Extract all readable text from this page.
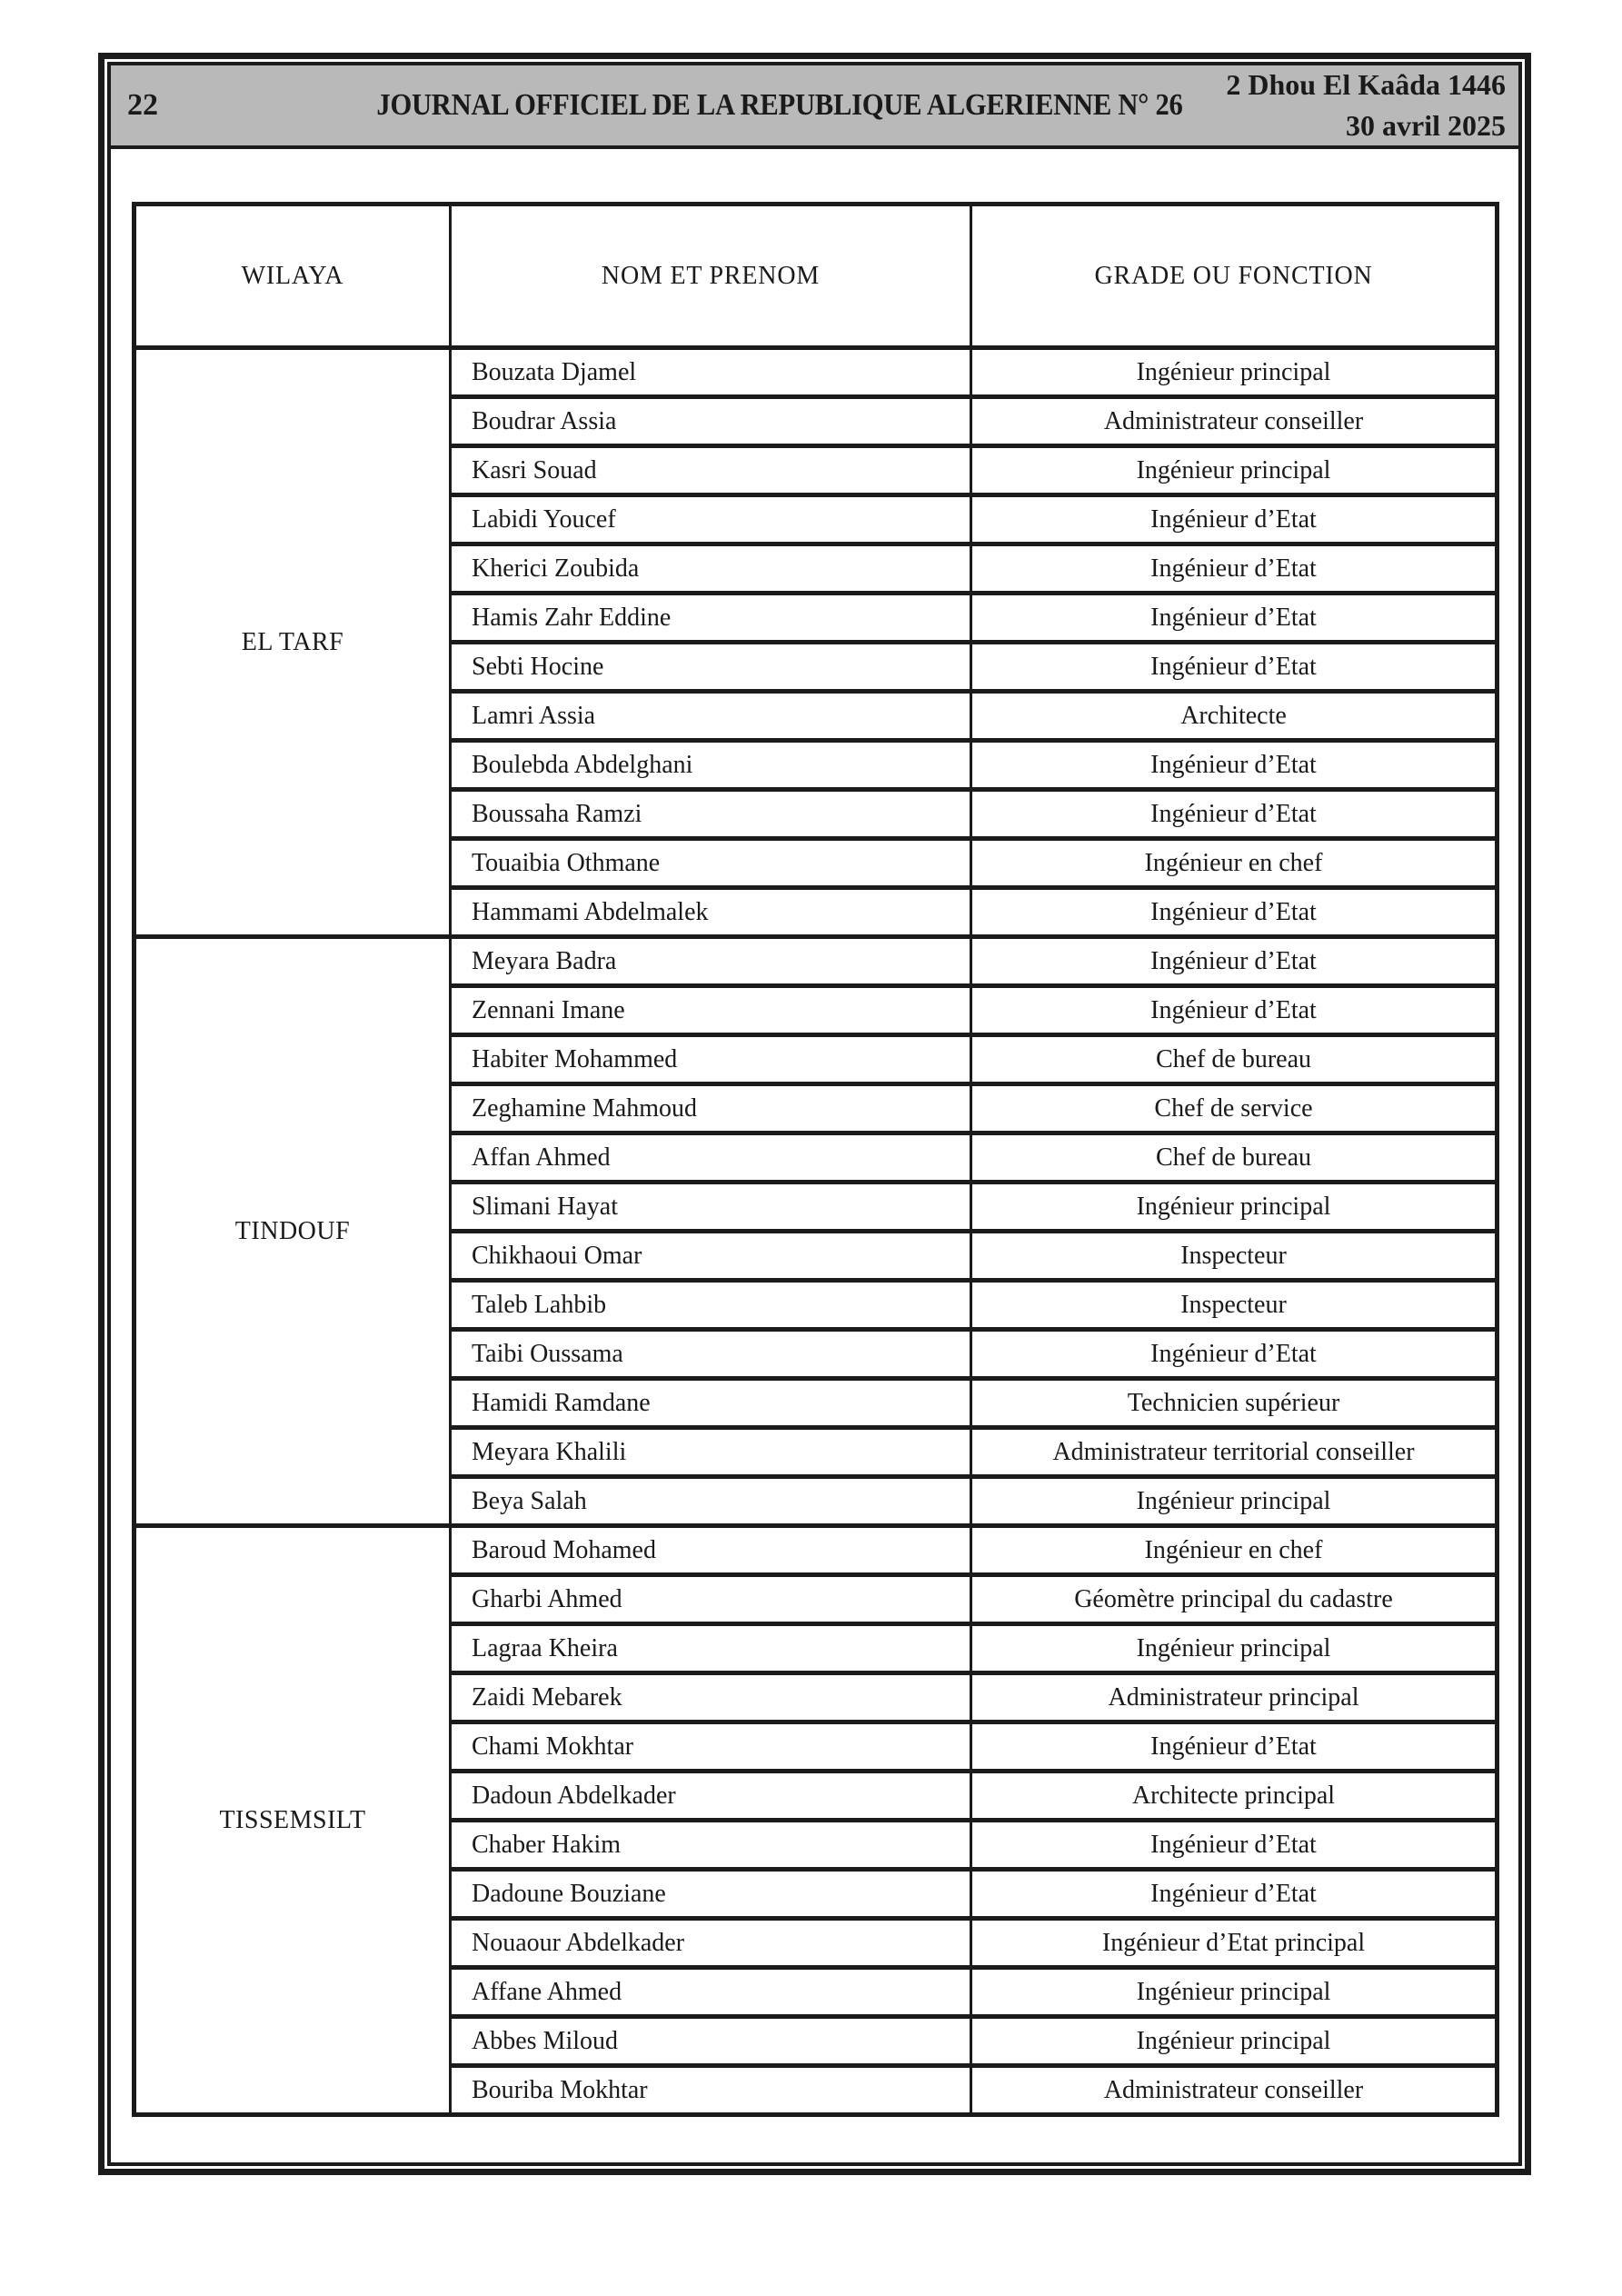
22	JOURNAL OFFICIEL DE LA REPUBLIQUE ALGERIENNE N° 26
2 Dhou El Kaâda 1446
30 avril 2025
WILAYA	NOM ET PRENOM	GRADE OU FONCTION
EL TARF	Bouzata Djamel	Ingénieur principal
	Boudrar Assia	Administrateur conseiller
	Kasri Souad	Ingénieur principal
	Labidi Youcef	Ingénieur d’Etat
	Kherici Zoubida	Ingénieur d’Etat
	Hamis Zahr Eddine	Ingénieur d’Etat
	Sebti Hocine	Ingénieur d’Etat
	Lamri Assia	Architecte
	Boulebda Abdelghani	Ingénieur d’Etat
	Boussaha Ramzi	Ingénieur d’Etat
	Touaibia Othmane	Ingénieur en chef
	Hammami Abdelmalek	Ingénieur d’Etat
TINDOUF	Meyara Badra	Ingénieur d’Etat
	Zennani Imane	Ingénieur d’Etat
	Habiter Mohammed	Chef de bureau
	Zeghamine Mahmoud	Chef de service
	Affan Ahmed	Chef de bureau
	Slimani Hayat	Ingénieur principal
	Chikhaoui Omar	Inspecteur
	Taleb Lahbib	Inspecteur
	Taibi Oussama	Ingénieur d’Etat
	Hamidi Ramdane	Technicien supérieur
	Meyara Khalili	Administrateur territorial conseiller
	Beya Salah	Ingénieur principal
TISSEMSILT	Baroud Mohamed	Ingénieur en chef
	Gharbi Ahmed	Géomètre principal du cadastre
	Lagraa Kheira	Ingénieur principal
	Zaidi Mebarek	Administrateur principal
	Chami Mokhtar	Ingénieur d’Etat
	Dadoun Abdelkader	Architecte principal
	Chaber Hakim	Ingénieur d’Etat
	Dadoune Bouziane	Ingénieur d’Etat
	Nouaour Abdelkader	Ingénieur d’Etat principal
	Affane Ahmed	Ingénieur principal
	Abbes Miloud	Ingénieur principal
	Bouriba Mokhtar	Administrateur conseiller
